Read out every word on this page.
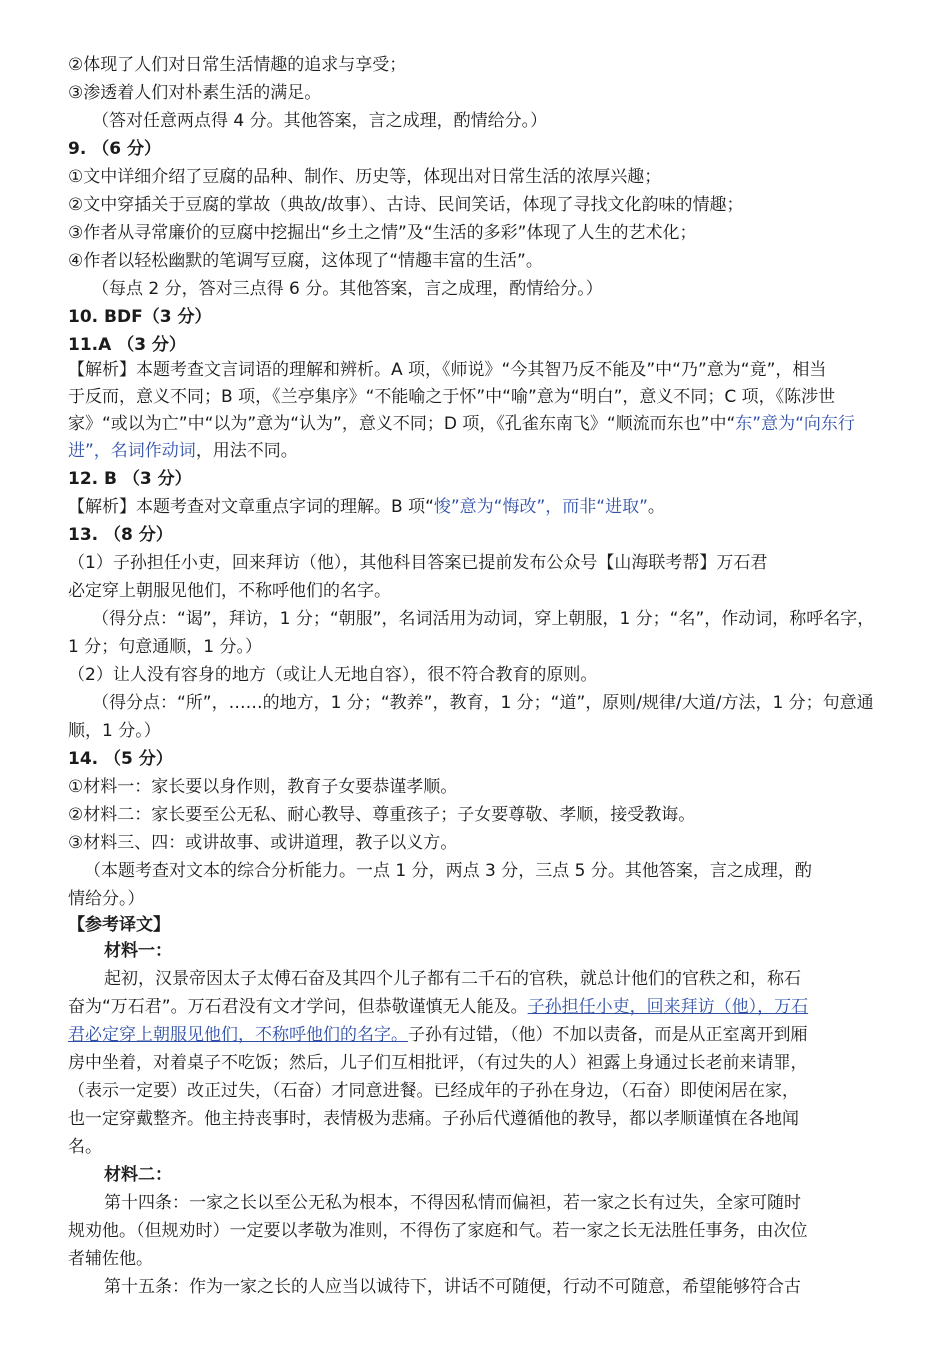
②体现了人们对日常生活情趣的追求与享受；
③渗透着人们对朴素生活的满足。
（答对任意两点得 4 分。其他答案，言之成理，酌情给分。）
9. （6 分）
①文中详细介绍了豆腐的品种、制作、历史等，体现出对日常生活的浓厚兴趣；
②文中穿插关于豆腐的掌故（典故/故事）、古诗、民间笑话，体现了寻找文化韵味的情趣；
③作者从寻常廉价的豆腐中挖掘出“乡土之情”及“生活的多彩”体现了人生的艺术化；
④作者以轻松幽默的笔调写豆腐，这体现了“情趣丰富的生活”。
（每点 2 分，答对三点得 6 分。其他答案，言之成理，酌情给分。）
10. BDF（3 分）
11.A （3 分）
【解析】本题考查文言词语的理解和辨析。A 项，《师说》“今其智乃反不能及”中“乃”意为“竟”，相当
于反而，意义不同；B 项，《兰亭集序》“不能喻之于怀”中“喻”意为“明白”，意义不同；C 项，《陈涉世
家》“或以为亡”中“以为”意为“认为”，意义不同；D 项，《孔雀东南飞》“顺流而东也”中“东”意为“向东行
进”，名词作动词，用法不同。
12. B （3 分）
【解析】本题考查对文章重点字词的理解。B 项“悛”意为“悔改”，而非“进取”。
13. （8 分）
（1）子孙担任小吏，回来拜访（他），其他科目答案已提前发布公众号【山海联考帮】万石君
必定穿上朝服见他们，不称呼他们的名字。
（得分点：“谒”，拜访，1 分；“朝服”，名词活用为动词，穿上朝服，1 分；“名”，作动词，称呼名字，
1 分；句意通顺，1 分。）
（2）让人没有容身的地方（或让人无地自容），很不符合教育的原则。
（得分点：“所”，……的地方，1 分；“教养”，教育，1 分；“道”，原则/规律/大道/方法，1 分；句意通
顺，1 分。）
14. （5 分）
①材料一：家长要以身作则，教育子女要恭谨孝顺。
②材料二：家长要至公无私、耐心教导、尊重孩子；子女要尊敬、孝顺，接受教诲。
③材料三、四：或讲故事、或讲道理，教子以义方。
（本题考查对文本的综合分析能力。一点 1 分，两点 3 分，三点 5 分。其他答案，言之成理，酌
情给分。）
【参考译文】
材料一：
起初，汉景帝因太子太傅石奋及其四个儿子都有二千石的官秩，就总计他们的官秩之和，称石
奋为“万石君”。万石君没有文才学问，但恭敬谨慎无人能及。子孙担任小吏，回来拜访（他），万石
君必定穿上朝服见他们，不称呼他们的名字。子孙有过错，（他）不加以责备，而是从正室离开到厢
房中坐着，对着桌子不吃饭；然后，儿子们互相批评，（有过失的人）袒露上身通过长老前来请罪，
（表示一定要）改正过失，（石奋）才同意进餐。已经成年的子孙在身边，（石奋）即使闲居在家，
也一定穿戴整齐。他主持丧事时，表情极为悲痛。子孙后代遵循他的教导，都以孝顺谨慎在各地闻
名。
材料二：
第十四条：一家之长以至公无私为根本，不得因私情而偏袒，若一家之长有过失，全家可随时
规劝他。（但规劝时）一定要以孝敬为准则，不得伤了家庭和气。若一家之长无法胜任事务，由次位
者辅佐他。
第十五条：作为一家之长的人应当以诚待下，讲话不可随便，行动不可随意，希望能够符合古
